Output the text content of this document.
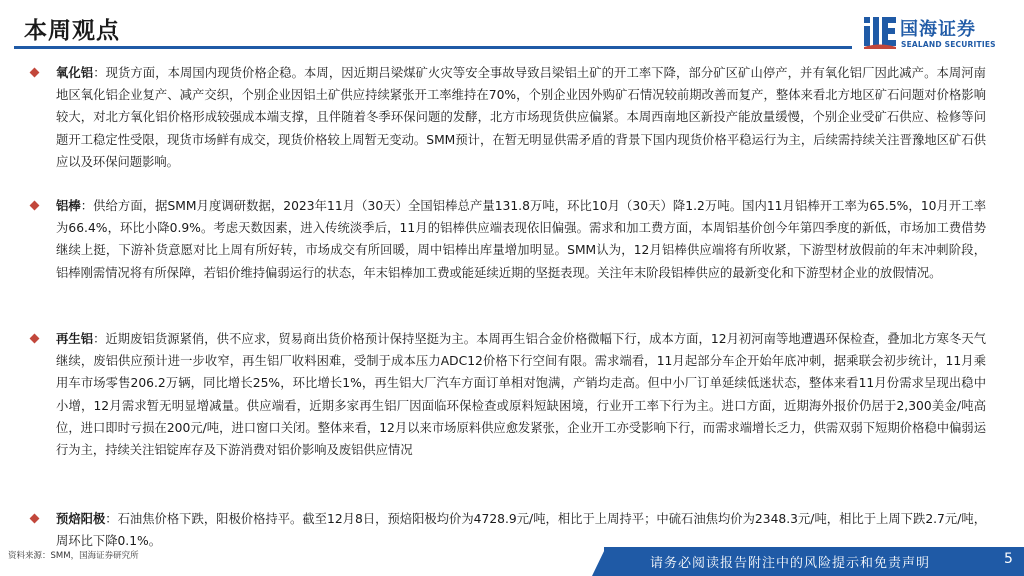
本周观点	国海证券
SEALAND SECURITIES
氧化铝：现货方面，本周国内现货价格企稳。本周，因近期吕梁煤矿火灾等安全事故导致吕梁铝土矿的开工率下降，部分矿区矿山停产，并有氧化铝厂因此减产。本周河南地区氧化铝企业复产、减产交织，个别企业因铝土矿供应持续紧张开工率维持在70%，个别企业因外购矿石情况较前期改善而复产，整体来看北方地区矿石问题对价格影响较大，对北方氧化铝价格形成较强成本端支撑，且伴随着冬季环保问题的发酵，北方市场现货供应偏紧。本周西南地区新投产能放量缓慢，个别企业受矿石供应、检修等问题开工稳定性受限，现货市场鲜有成交，现货价格较上周暂无变动。SMM预计，在暂无明显供需矛盾的背景下国内现货价格平稳运行为主，后续需持续关注晋豫地区矿石供应以及环保问题影响。
铝棒：供给方面，据SMM月度调研数据，2023年11月（30天）全国铝棒总产量131.8万吨，环比10月（30天）降1.2万吨。国内11月铝棒开工率为65.5%，10月开工率为66.4%，环比小降0.9%。考虑天数因素，进入传统淡季后，11月的铝棒供应端表现依旧偏强。需求和加工费方面，本周铝基价创今年第四季度的新低，市场加工费借势继续上挺，下游补货意愿对比上周有所好转，市场成交有所回暖，周中铝棒出库量增加明显。SMM认为，12月铝棒供应端将有所收紧，下游型材放假前的年末冲刺阶段，铝棒刚需情况将有所保障，若铝价维持偏弱运行的状态，年末铝棒加工费或能延续近期的坚挺表现。关注年末阶段铝棒供应的最新变化和下游型材企业的放假情况。
再生铝：近期废铝货源紧俏，供不应求，贸易商出货价格预计保持坚挺为主。本周再生铝合金价格微幅下行，成本方面，12月初河南等地遭遇环保检查，叠加北方寒冬天气继续，废铝供应预计进一步收窄，再生铝厂收料困难，受制于成本压力ADC12价格下行空间有限。需求端看，11月起部分车企开始年底冲刺，据乘联会初步统计，11月乘用车市场零售206.2万辆，同比增长25%，环比增长1%，再生铝大厂汽车方面订单相对饱满，产销均走高。但中小厂订单延续低迷状态，整体来看11月份需求呈现出稳中小增，12月需求暂无明显增减量。供应端看，近期多家再生铝厂因面临环保检查或原料短缺困境，行业开工率下行为主。进口方面，近期海外报价仍居于2,300美金/吨高位，进口即时亏损在200元/吨，进口窗口关闭。整体来看，12月以来市场原料供应愈发紧张，企业开工亦受影响下行，而需求端增长乏力，供需双弱下短期价格稳中偏弱运行为主，持续关注铝锭库存及下游消费对铝价影响及废铝供应情况
预焙阳极：石油焦价格下跌，阳极价格持平。截至12月8日，预焙阳极均价为4728.9元/吨，相比于上周持平；中硫石油焦均价为2348.3元/吨，相比于上周下跌2.7元/吨，周环比下降0.1%。
资料来源：SMM，国海证券研究所	请务必阅读报告附注中的风险提示和免责声明	5
